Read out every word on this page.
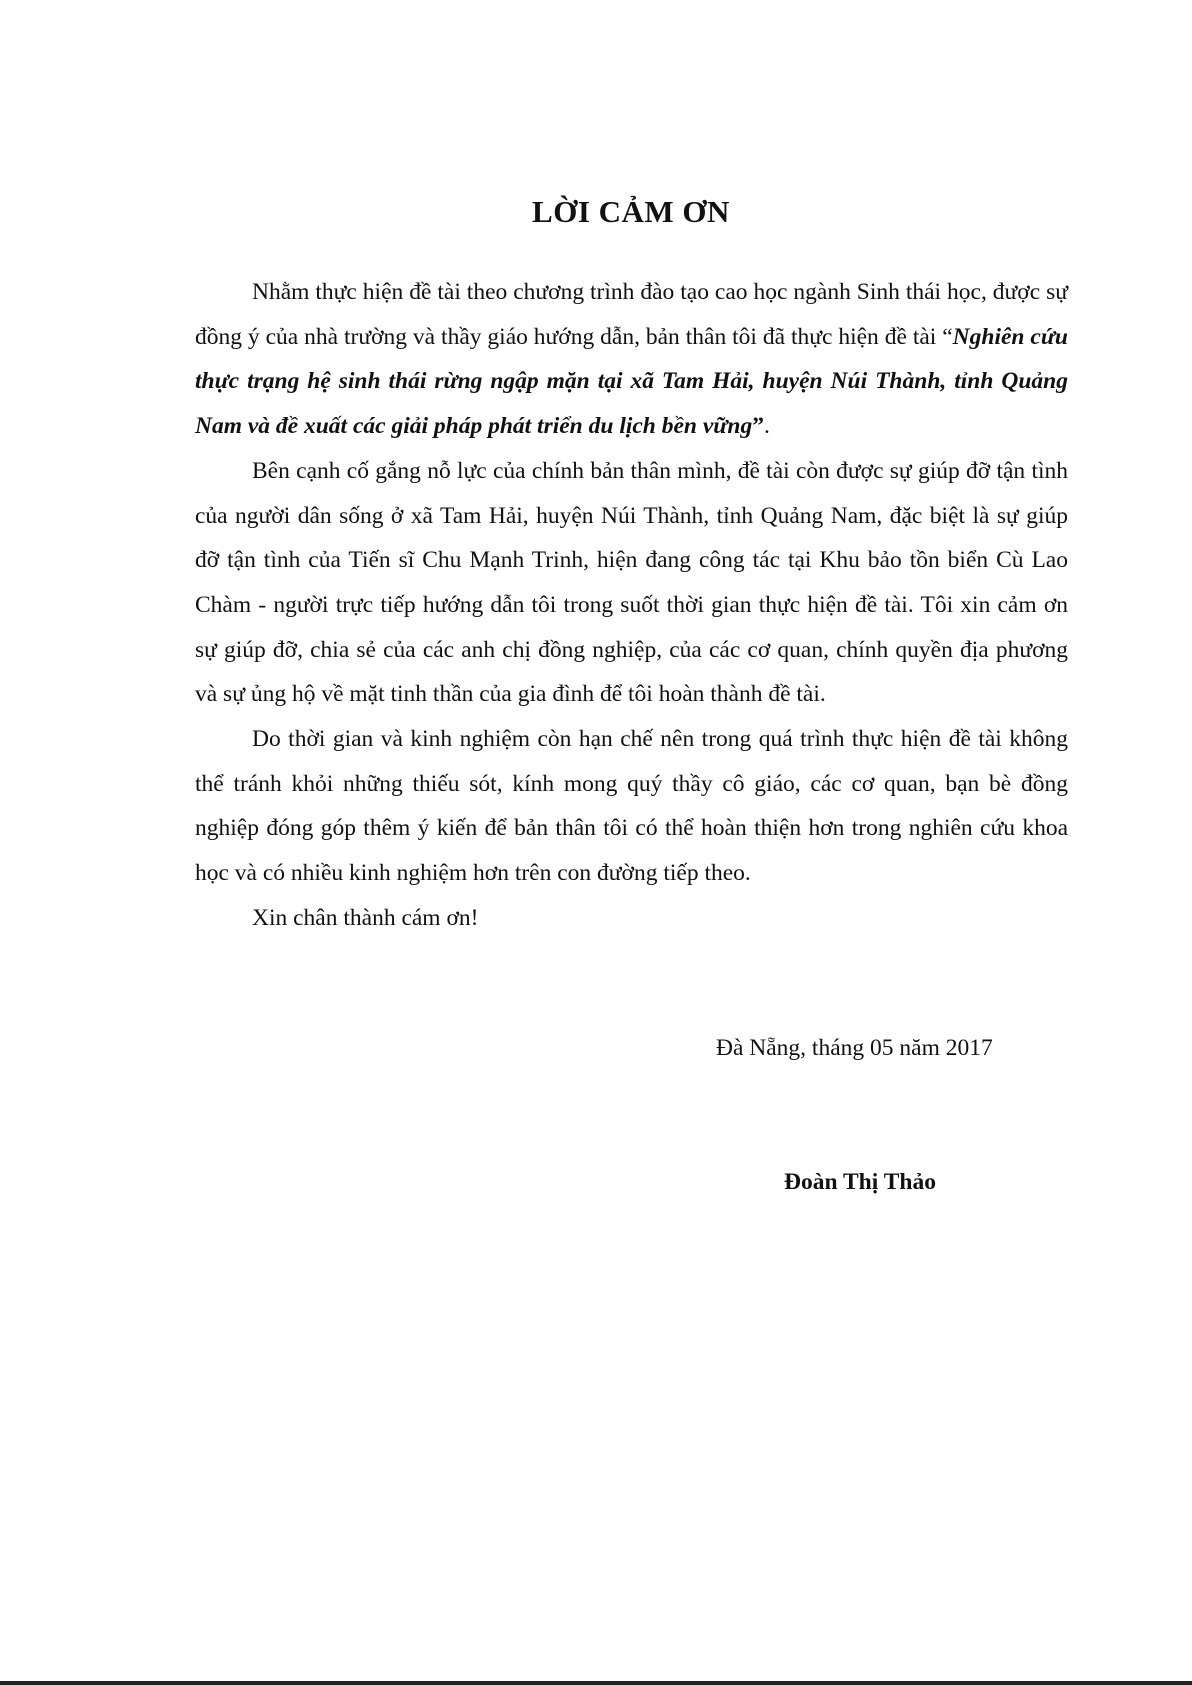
LỜI CẢM ƠN

Nhằm thực hiện đề tài theo chương trình đào tạo cao học ngành Sinh thái học, được sự đồng ý của nhà trường và thầy giáo hướng dẫn, bản thân tôi đã thực hiện đề tài “Nghiên cứu thực trạng hệ sinh thái rừng ngập mặn tại xã Tam Hải, huyện Núi Thành, tỉnh Quảng Nam và đề xuất các giải pháp phát triển du lịch bền vững”.

Bên cạnh cố gắng nỗ lực của chính bản thân mình, đề tài còn được sự giúp đỡ tận tình của người dân sống ở xã Tam Hải, huyện Núi Thành, tỉnh Quảng Nam, đặc biệt là sự giúp đỡ tận tình của Tiến sĩ Chu Mạnh Trinh, hiện đang công tác tại Khu bảo tồn biển Cù Lao Chàm - người trực tiếp hướng dẫn tôi trong suốt thời gian thực hiện đề tài. Tôi xin cảm ơn sự giúp đỡ, chia sẻ của các anh chị đồng nghiệp, của các cơ quan, chính quyền địa phương và sự ủng hộ về mặt tinh thần của gia đình để tôi hoàn thành đề tài.

Do thời gian và kinh nghiệm còn hạn chế nên trong quá trình thực hiện đề tài không thể tránh khỏi những thiếu sót, kính mong quý thầy cô giáo, các cơ quan, bạn bè đồng nghiệp đóng góp thêm ý kiến để bản thân tôi có thể hoàn thiện hơn trong nghiên cứu khoa học và có nhiều kinh nghiệm hơn trên con đường tiếp theo.

Xin chân thành cám ơn!

Đà Nẵng, tháng 05 năm 2017

Đoàn Thị Thảo
